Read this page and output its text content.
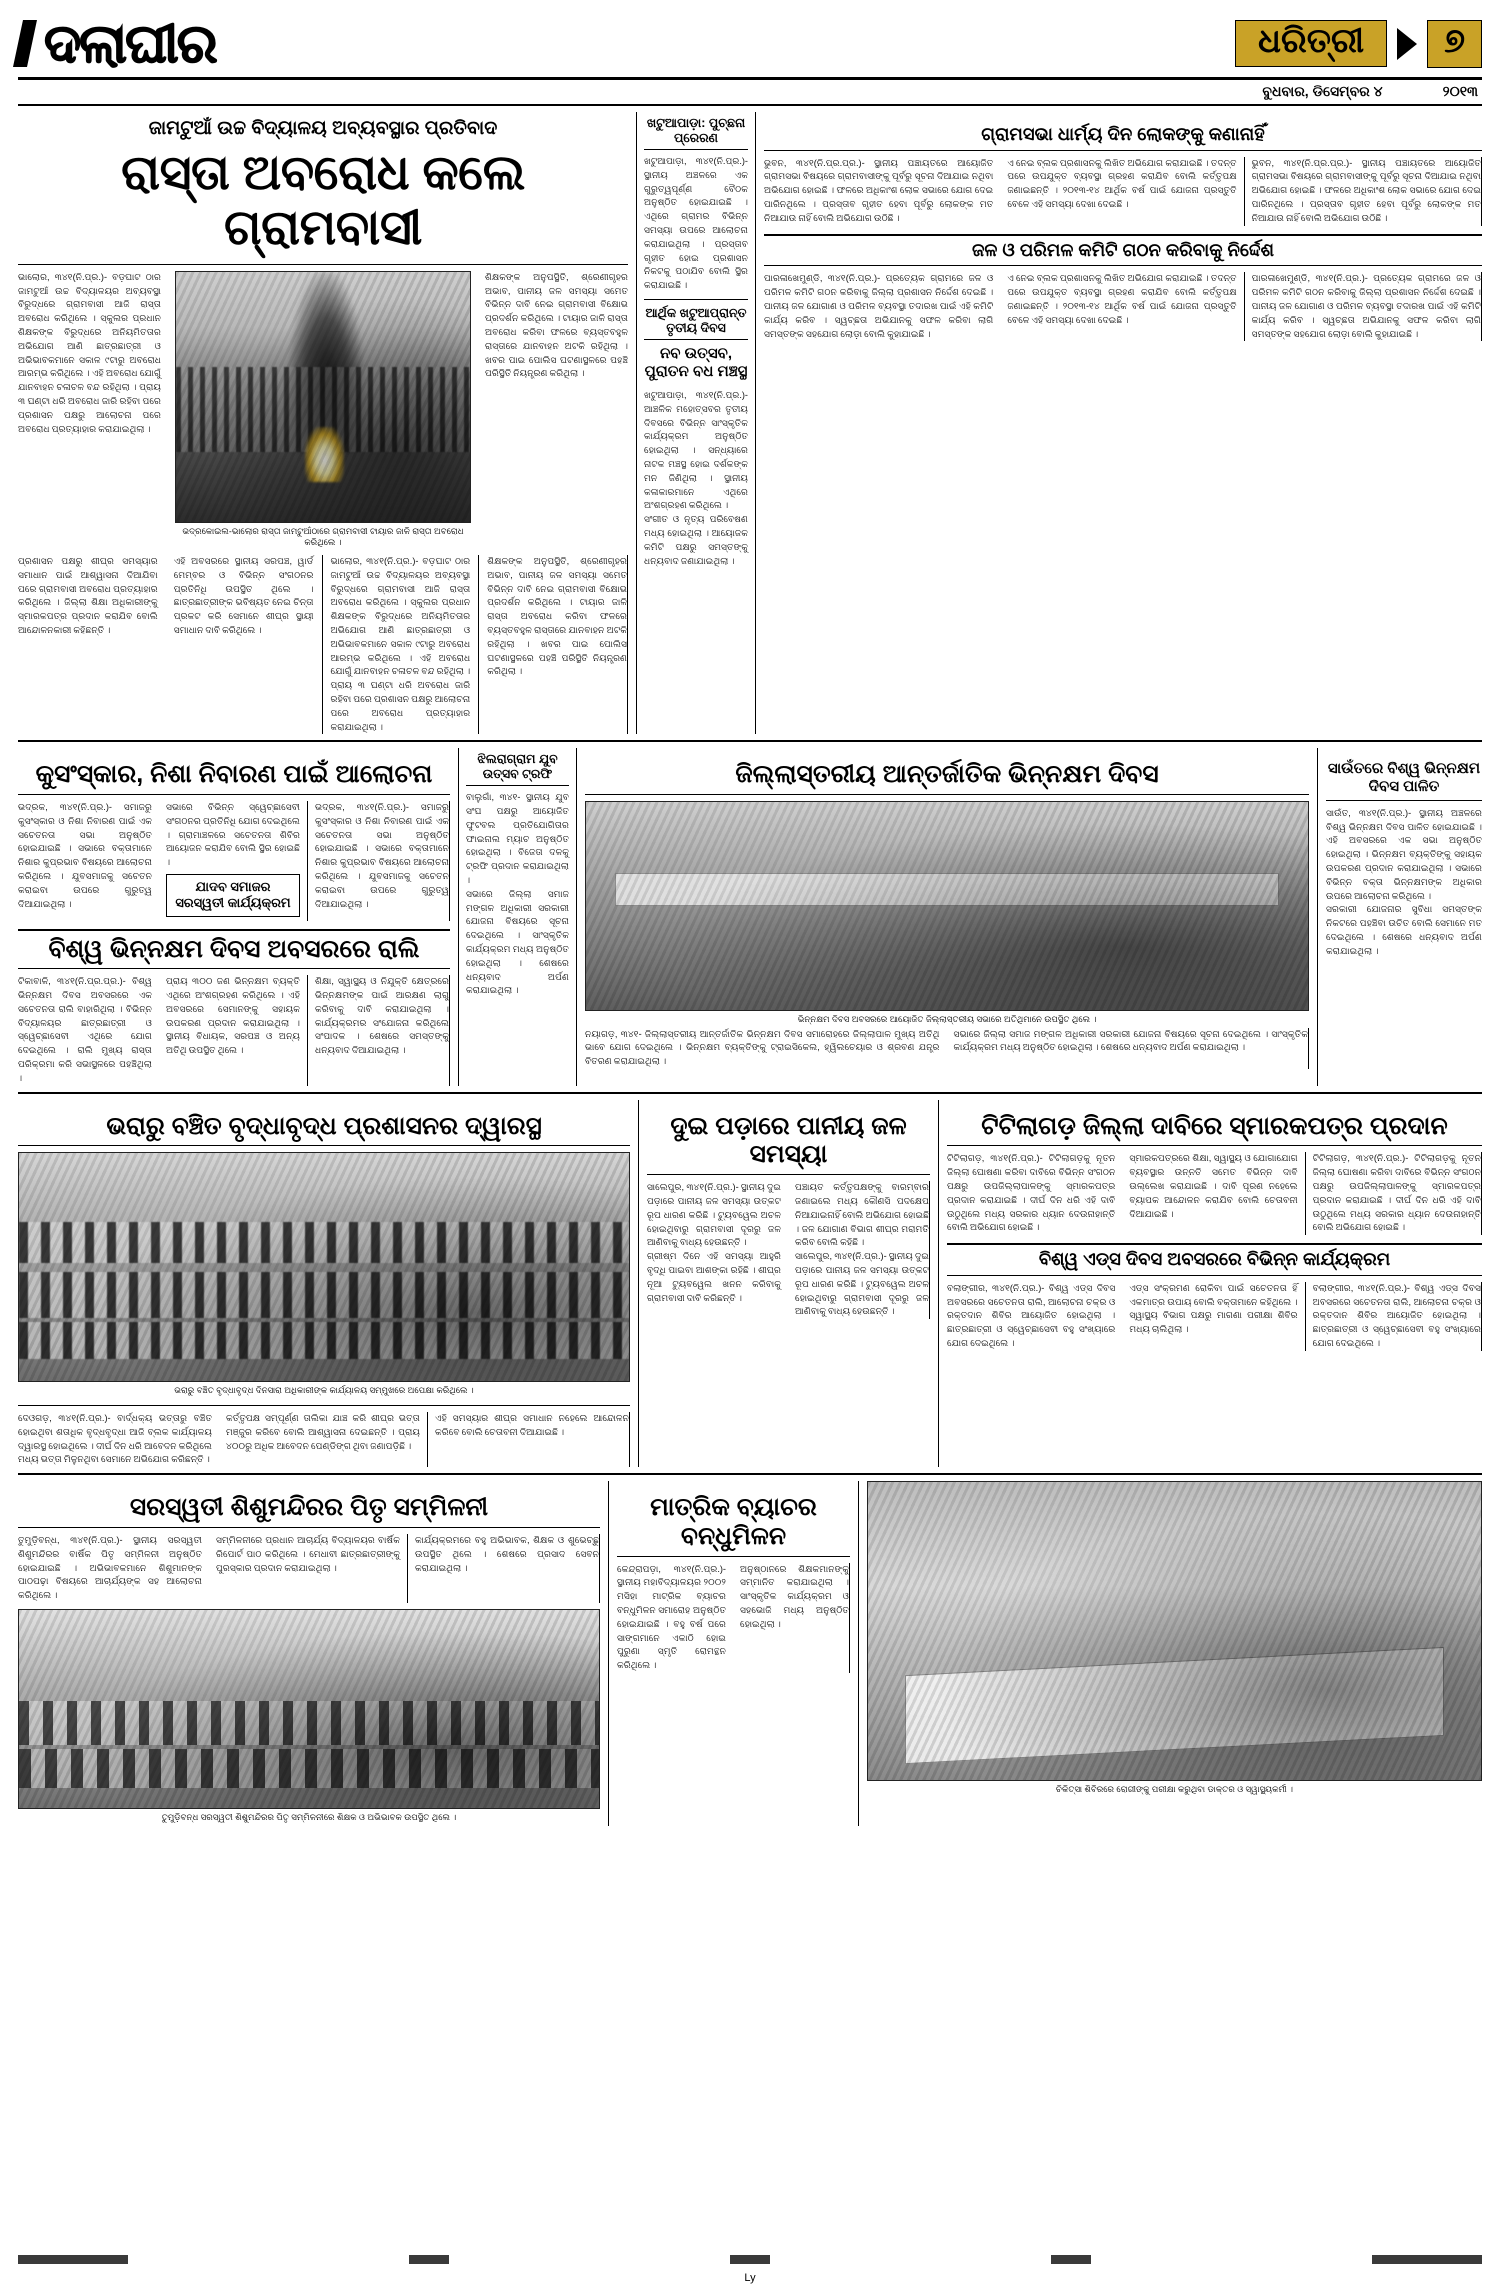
ଦଲାଘୀର	ଧରିତ୍ରୀ	୭
ବୁଧବାର, ଡିସେମ୍ବର ୪	୨୦୧୩
ଜାମଟୁଆଁ ଉଚ୍ଚ ବିଦ୍ୟାଳୟ ଅବ୍ୟବସ୍ଥାର ପ୍ରତିବାଦ
ରାସ୍ତା ଅବରୋଧ କଲେ ଗ୍ରାମବାସୀ
ଭାଲୋର, ୩୪୧(ନି.ପ୍ର.)- ବଡ଼ଘାଟ ଠାର ଜାମଟୁଆଁ ଉଚ୍ଚ ବିଦ୍ୟାଳୟର ଅବ୍ୟବସ୍ଥା ବିରୁଦ୍ଧରେ ଗ୍ରାମବାସୀ ଆଜି ରାସ୍ତା ଅବରୋଧ କରିଥିଲେ । ସ୍କୁଲର ପ୍ରଧାନ ଶିକ୍ଷକଙ୍କ ବିରୁଦ୍ଧରେ ଅନିୟମିତତାର ଅଭିଯୋଗ ଆଣି ଛାତ୍ରଛାତ୍ରୀ ଓ ଅଭିଭାବକମାନେ ସକାଳ ୯ଟାରୁ ଅବରୋଧ ଆରମ୍ଭ କରିଥିଲେ । ଏହି ଅବରୋଧ ଯୋଗୁଁ ଯାନବାହନ ଚଳାଚଳ ବନ୍ଦ ରହିଥିଲା । ପ୍ରାୟ ୩ ଘଣ୍ଟା ଧରି ଅବରୋଧ ଜାରି ରହିବା ପରେ ପ୍ରଶାସନ ପକ୍ଷରୁ ଆଲୋଚନା ପରେ ଅବରୋଧ ପ୍ରତ୍ୟାହାର କରାଯାଇଥିଲା ।
ଭଦ୍ରକୋଇଲ-ଭାଲୋର ରାସ୍ତା ଜାମଟୁଆଁଠାରେ ଗ୍ରାମବାସୀ ଟାୟାର ଜାଳି ରାସ୍ତା ଅବରୋଧ କରିଥିଲେ ।
ଶିକ୍ଷକଙ୍କ ଅନୁପସ୍ଥିତି, ଶ୍ରେଣୀଗୃହର ଅଭାବ, ପାନୀୟ ଜଳ ସମସ୍ୟା ସମେତ ବିଭିନ୍ନ ଦାବି ନେଇ ଗ୍ରାମବାସୀ ବିକ୍ଷୋଭ ପ୍ରଦର୍ଶନ କରିଥିଲେ । ଟାୟାର ଜାଳି ରାସ୍ତା ଅବରୋଧ କରିବା ଫଳରେ ବ୍ୟସ୍ତବହୁଳ ରାସ୍ତାରେ ଯାନବାହନ ଅଟକି ରହିଥିଲା । ଖବର ପାଇ ପୋଲିସ ଘଟଣାସ୍ଥଳରେ ପହଞ୍ଚି ପରିସ୍ଥିତି ନିୟନ୍ତ୍ରଣ କରିଥିଲା ।
ପ୍ରଶାସନ ପକ୍ଷରୁ ଶୀଘ୍ର ସମସ୍ୟାର ସମାଧାନ ପାଇଁ ଆଶ୍ୱାସନା ଦିଆଯିବା ପରେ ଗ୍ରାମବାସୀ ଅବରୋଧ ପ୍ରତ୍ୟାହାର କରିଥିଲେ । ଜିଲ୍ଲା ଶିକ୍ଷା ଅଧିକାରୀଙ୍କୁ ସ୍ମାରକପତ୍ର ପ୍ରଦାନ କରାଯିବ ବୋଲି ଆନ୍ଦୋଳନକାରୀ କହିଛନ୍ତି ।
ଏହି ଅବସରରେ ସ୍ଥାନୀୟ ସରପଞ୍ଚ, ୱାର୍ଡ ମେମ୍ବର ଓ ବିଭିନ୍ନ ସଂଗଠନର ପ୍ରତିନିଧି ଉପସ୍ଥିତ ଥିଲେ । ଛାତ୍ରଛାତ୍ରୀଙ୍କ ଭବିଷ୍ୟତ ନେଇ ଚିନ୍ତା ପ୍ରକଟ କରି ସେମାନେ ଶୀଘ୍ର ସ୍ଥାୟୀ ସମାଧାନ ଦାବି କରିଥିଲେ ।
ଭାଲୋର, ୩୪୧(ନି.ପ୍ର.)- ବଡ଼ଘାଟ ଠାର ଜାମଟୁଆଁ ଉଚ୍ଚ ବିଦ୍ୟାଳୟର ଅବ୍ୟବସ୍ଥା ବିରୁଦ୍ଧରେ ଗ୍ରାମବାସୀ ଆଜି ରାସ୍ତା ଅବରୋଧ କରିଥିଲେ । ସ୍କୁଲର ପ୍ରଧାନ ଶିକ୍ଷକଙ୍କ ବିରୁଦ୍ଧରେ ଅନିୟମିତତାର ଅଭିଯୋଗ ଆଣି ଛାତ୍ରଛାତ୍ରୀ ଓ ଅଭିଭାବକମାନେ ସକାଳ ୯ଟାରୁ ଅବରୋଧ ଆରମ୍ଭ କରିଥିଲେ । ଏହି ଅବରୋଧ ଯୋଗୁଁ ଯାନବାହନ ଚଳାଚଳ ବନ୍ଦ ରହିଥିଲା । ପ୍ରାୟ ୩ ଘଣ୍ଟା ଧରି ଅବରୋଧ ଜାରି ରହିବା ପରେ ପ୍ରଶାସନ ପକ୍ଷରୁ ଆଲୋଚନା ପରେ ଅବରୋଧ ପ୍ରତ୍ୟାହାର କରାଯାଇଥିଲା ।
ଶିକ୍ଷକଙ୍କ ଅନୁପସ୍ଥିତି, ଶ୍ରେଣୀଗୃହର ଅଭାବ, ପାନୀୟ ଜଳ ସମସ୍ୟା ସମେତ ବିଭିନ୍ନ ଦାବି ନେଇ ଗ୍ରାମବାସୀ ବିକ୍ଷୋଭ ପ୍ରଦର୍ଶନ କରିଥିଲେ । ଟାୟାର ଜାଳି ରାସ୍ତା ଅବରୋଧ କରିବା ଫଳରେ ବ୍ୟସ୍ତବହୁଳ ରାସ୍ତାରେ ଯାନବାହନ ଅଟକି ରହିଥିଲା । ଖବର ପାଇ ପୋଲିସ ଘଟଣାସ୍ଥଳରେ ପହଞ୍ଚି ପରିସ୍ଥିତି ନିୟନ୍ତ୍ରଣ କରିଥିଲା ।
ଖଟୁଆପାଡ଼ା: ପୁଚ୍ଛନା ପ୍ରେରଣ
ଖଟୁଆପାଡ଼ା, ୩୪୧(ନି.ପ୍ର.)- ସ୍ଥାନୀୟ ଅଞ୍ଚଳରେ ଏକ ଗୁରୁତ୍ୱପୂର୍ଣ୍ଣ ବୈଠକ ଅନୁଷ୍ଠିତ ହୋଇଯାଇଛି । ଏଥିରେ ଗ୍ରାମର ବିଭିନ୍ନ ସମସ୍ୟା ଉପରେ ଆଲୋଚନା କରାଯାଇଥିଲା । ପ୍ରସ୍ତାବ ଗୃହୀତ ହୋଇ ପ୍ରଶାସନ ନିକଟକୁ ପଠାଯିବ ବୋଲି ସ୍ଥିର କରାଯାଇଛି ।
ଆର୍ଥିକ ଖଟୁଆପ୍ରାନ୍ତ ତୃତୀୟ ଦିବସ
ନବ ଉତ୍ସବ, ପୁରାତନ ବଧ ମଞ୍ଚସ୍ଥ
ଖଟୁଆପାଡ଼ା, ୩୪୧(ନି.ପ୍ର.)- ଆଞ୍ଚଳିକ ମହୋତ୍ସବର ତୃତୀୟ ଦିବସରେ ବିଭିନ୍ନ ସାଂସ୍କୃତିକ କାର୍ଯ୍ୟକ୍ରମ ଅନୁଷ୍ଠିତ ହୋଇଥିଲା । ସନ୍ଧ୍ୟାରେ ନାଟକ ମଞ୍ଚସ୍ଥ ହୋଇ ଦର୍ଶକଙ୍କ ମନ ଜିଣିଥିଲା । ସ୍ଥାନୀୟ କଳାକାରମାନେ ଏଥିରେ ଅଂଶଗ୍ରହଣ କରିଥିଲେ ।
ସଂଗୀତ ଓ ନୃତ୍ୟ ପରିବେଷଣ ମଧ୍ୟ ହୋଇଥିଲା । ଆୟୋଜକ କମିଟି ପକ୍ଷରୁ ସମସ୍ତଙ୍କୁ ଧନ୍ୟବାଦ ଜଣାଯାଇଥିଲା ।
ଗ୍ରାମସଭା ଧାର୍ମ୍ୟ ଦିନ ଲୋକଙ୍କୁ କଣାନାହିଁ
ଭୁବନ, ୩୪୧(ନି.ପ୍ର.ପ୍ର.)- ସ୍ଥାନୀୟ ପଞ୍ଚାୟତରେ ଆୟୋଜିତ ଗ୍ରାମସଭା ବିଷୟରେ ଗ୍ରାମବାସୀଙ୍କୁ ପୂର୍ବରୁ ସୂଚନା ଦିଆଯାଇ ନଥିବା ଅଭିଯୋଗ ହୋଇଛି । ଫଳରେ ଅଧିକାଂଶ ଲୋକ ସଭାରେ ଯୋଗ ଦେଇ ପାରିନଥିଲେ । ପ୍ରସ୍ତାବ ଗୃହୀତ ହେବା ପୂର୍ବରୁ ଲୋକଙ୍କ ମତ ନିଆଯାଉ ନାହିଁ ବୋଲି ଅଭିଯୋଗ ଉଠିଛି ।
ଏ ନେଇ ବ୍ଲକ ପ୍ରଶାସନକୁ ଲିଖିତ ଅଭିଯୋଗ କରାଯାଇଛି । ତଦନ୍ତ ପରେ ଉପଯୁକ୍ତ ବ୍ୟବସ୍ଥା ଗ୍ରହଣ କରାଯିବ ବୋଲି କର୍ତ୍ତୃପକ୍ଷ ଜଣାଇଛନ୍ତି । ୨୦୧୩-୧୪ ଆର୍ଥିକ ବର୍ଷ ପାଇଁ ଯୋଜନା ପ୍ରସ୍ତୁତି ବେଳେ ଏହି ସମସ୍ୟା ଦେଖା ଦେଇଛି ।
ଭୁବନ, ୩୪୧(ନି.ପ୍ର.ପ୍ର.)- ସ୍ଥାନୀୟ ପଞ୍ଚାୟତରେ ଆୟୋଜିତ ଗ୍ରାମସଭା ବିଷୟରେ ଗ୍ରାମବାସୀଙ୍କୁ ପୂର୍ବରୁ ସୂଚନା ଦିଆଯାଇ ନଥିବା ଅଭିଯୋଗ ହୋଇଛି । ଫଳରେ ଅଧିକାଂଶ ଲୋକ ସଭାରେ ଯୋଗ ଦେଇ ପାରିନଥିଲେ । ପ୍ରସ୍ତାବ ଗୃହୀତ ହେବା ପୂର୍ବରୁ ଲୋକଙ୍କ ମତ ନିଆଯାଉ ନାହିଁ ବୋଲି ଅଭିଯୋଗ ଉଠିଛି ।
ଜଳ ଓ ପରିମଳ କମିଟି ଗଠନ କରିବାକୁ ନିର୍ଦ୍ଦେଶ
ପାରଳାଖେମୁଣ୍ଡି, ୩୪୧(ନି.ପ୍ର.)- ପ୍ରତ୍ୟେକ ଗ୍ରାମରେ ଜଳ ଓ ପରିମଳ କମିଟି ଗଠନ କରିବାକୁ ଜିଲ୍ଲା ପ୍ରଶାସନ ନିର୍ଦ୍ଦେଶ ଦେଇଛି । ପାନୀୟ ଜଳ ଯୋଗାଣ ଓ ପରିମଳ ବ୍ୟବସ୍ଥା ତଦାରଖ ପାଇଁ ଏହି କମିଟି କାର୍ଯ୍ୟ କରିବ । ସ୍ୱଚ୍ଛତା ଅଭିଯାନକୁ ସଫଳ କରିବା ଲାଗି ସମସ୍ତଙ୍କ ସହଯୋଗ ଲୋଡ଼ା ବୋଲି କୁହାଯାଇଛି ।
ଏ ନେଇ ବ୍ଲକ ପ୍ରଶାସନକୁ ଲିଖିତ ଅଭିଯୋଗ କରାଯାଇଛି । ତଦନ୍ତ ପରେ ଉପଯୁକ୍ତ ବ୍ୟବସ୍ଥା ଗ୍ରହଣ କରାଯିବ ବୋଲି କର୍ତ୍ତୃପକ୍ଷ ଜଣାଇଛନ୍ତି । ୨୦୧୩-୧୪ ଆର୍ଥିକ ବର୍ଷ ପାଇଁ ଯୋଜନା ପ୍ରସ୍ତୁତି ବେଳେ ଏହି ସମସ୍ୟା ଦେଖା ଦେଇଛି ।
ପାରଳାଖେମୁଣ୍ଡି, ୩୪୧(ନି.ପ୍ର.)- ପ୍ରତ୍ୟେକ ଗ୍ରାମରେ ଜଳ ଓ ପରିମଳ କମିଟି ଗଠନ କରିବାକୁ ଜିଲ୍ଲା ପ୍ରଶାସନ ନିର୍ଦ୍ଦେଶ ଦେଇଛି । ପାନୀୟ ଜଳ ଯୋଗାଣ ଓ ପରିମଳ ବ୍ୟବସ୍ଥା ତଦାରଖ ପାଇଁ ଏହି କମିଟି କାର୍ଯ୍ୟ କରିବ । ସ୍ୱଚ୍ଛତା ଅଭିଯାନକୁ ସଫଳ କରିବା ଲାଗି ସମସ୍ତଙ୍କ ସହଯୋଗ ଲୋଡ଼ା ବୋଲି କୁହାଯାଇଛି ।
କୁସଂସ୍କାର, ନିଶା ନିବାରଣ ପାଇଁ ଆଲୋଚନା
ଭଦ୍ରକ, ୩୪୧(ନି.ପ୍ର.)- ସମାଜରୁ କୁସଂସ୍କାର ଓ ନିଶା ନିବାରଣ ପାଇଁ ଏକ ସଚେତନତା ସଭା ଅନୁଷ୍ଠିତ ହୋଇଯାଇଛି । ସଭାରେ ବକ୍ତାମାନେ ନିଶାର କୁପ୍ରଭାବ ବିଷୟରେ ଆଲୋଚନା କରିଥିଲେ । ଯୁବସମାଜକୁ ସଚେତନ କରାଇବା ଉପରେ ଗୁରୁତ୍ୱ ଦିଆଯାଇଥିଲା ।
ସଭାରେ ବିଭିନ୍ନ ସ୍ୱେଚ୍ଛାସେବୀ ସଂଗଠନର ପ୍ରତିନିଧି ଯୋଗ ଦେଇଥିଲେ । ଗ୍ରାମାଞ୍ଚଳରେ ସଚେତନତା ଶିବିର ଆୟୋଜନ କରାଯିବ ବୋଲି ସ୍ଥିର ହୋଇଛି ।
ଯାଦବ ସମାଜର ସରସ୍ୱତୀ କାର୍ଯ୍ୟକ୍ରମ
ଭଦ୍ରକ, ୩୪୧(ନି.ପ୍ର.)- ସମାଜରୁ କୁସଂସ୍କାର ଓ ନିଶା ନିବାରଣ ପାଇଁ ଏକ ସଚେତନତା ସଭା ଅନୁଷ୍ଠିତ ହୋଇଯାଇଛି । ସଭାରେ ବକ୍ତାମାନେ ନିଶାର କୁପ୍ରଭାବ ବିଷୟରେ ଆଲୋଚନା କରିଥିଲେ । ଯୁବସମାଜକୁ ସଚେତନ କରାଇବା ଉପରେ ଗୁରୁତ୍ୱ ଦିଆଯାଇଥିଲା ।
ବିଶ୍ୱ ଭିନ୍ନକ୍ଷମ ଦିବସ ଅବସରରେ ରାଲି
ଟିକାବାଳି, ୩୪୧(ନି.ପ୍ର.ପ୍ର.)- ବିଶ୍ୱ ଭିନ୍ନକ୍ଷମ ଦିବସ ଅବସରରେ ଏକ ସଚେତନତା ରାଲି ବାହାରିଥିଲା । ବିଭିନ୍ନ ବିଦ୍ୟାଳୟର ଛାତ୍ରଛାତ୍ରୀ ଓ ସ୍ୱେଚ୍ଛାସେବୀ ଏଥିରେ ଯୋଗ ଦେଇଥିଲେ । ରାଲି ମୁଖ୍ୟ ରାସ୍ତା ପରିକ୍ରମା କରି ସଭାସ୍ଥଳରେ ପହଞ୍ଚିଥିଲା ।
ପ୍ରାୟ ୩୦୦ ଜଣ ଭିନ୍ନକ୍ଷମ ବ୍ୟକ୍ତି ଏଥିରେ ଅଂଶଗ୍ରହଣ କରିଥିଲେ । ଏହି ଅବସରରେ ସେମାନଙ୍କୁ ସହାୟକ ଉପକରଣ ପ୍ରଦାନ କରାଯାଇଥିଲା । ସ୍ଥାନୀୟ ବିଧାୟକ, ସରପଞ୍ଚ ଓ ଅନ୍ୟ ଅତିଥି ଉପସ୍ଥିତ ଥିଲେ ।
ଶିକ୍ଷା, ସ୍ୱାସ୍ଥ୍ୟ ଓ ନିଯୁକ୍ତି କ୍ଷେତ୍ରରେ ଭିନ୍ନକ୍ଷମଙ୍କ ପାଇଁ ଆରକ୍ଷଣ ଲାଗୁ କରିବାକୁ ଦାବି କରାଯାଇଥିଲା । କାର୍ଯ୍ୟକ୍ରମର ସଂଯୋଜନା କରିଥିଲେ ସଂପାଦକ । ଶେଷରେ ସମସ୍ତଙ୍କୁ ଧନ୍ୟବାଦ ଦିଆଯାଇଥିଲା ।
ଝିଲରାଗ୍ରାମ ଯୁବ ଉତ୍ସବ ଟ୍ରଫି
ବାଲୁଗାଁ, ୩୪୧- ସ୍ଥାନୀୟ ଯୁବ ସଂଘ ପକ୍ଷରୁ ଆୟୋଜିତ ଫୁଟବଲ ପ୍ରତିଯୋଗିତାର ଫାଇନାଲ ମ୍ୟାଚ ଅନୁଷ୍ଠିତ ହୋଇଥିଲା । ବିଜେତା ଦଳକୁ ଟ୍ରଫି ପ୍ରଦାନ କରାଯାଇଥିଲା ।
ସଭାରେ ଜିଲ୍ଲା ସମାଜ ମଙ୍ଗଳ ଅଧିକାରୀ ସରକାରୀ ଯୋଜନା ବିଷୟରେ ସୂଚନା ଦେଇଥିଲେ । ସାଂସ୍କୃତିକ କାର୍ଯ୍ୟକ୍ରମ ମଧ୍ୟ ଅନୁଷ୍ଠିତ ହୋଇଥିଲା । ଶେଷରେ ଧନ୍ୟବାଦ ଅର୍ପଣ କରାଯାଇଥିଲା ।
ଜିଲ୍ଲାସ୍ତରୀୟ ଆନ୍ତର୍ଜାତିକ ଭିନ୍ନକ୍ଷମ ଦିବସ
ଭିନ୍ନକ୍ଷମ ଦିବସ ଅବସରରେ ଆୟୋଜିତ ଜିଲ୍ଲାସ୍ତରୀୟ ସଭାରେ ଅତିଥିମାନେ ଉପସ୍ଥିତ ଥିଲେ ।
ନୟାଗଡ଼, ୩୪୧- ଜିଲ୍ଲାସ୍ତରୀୟ ଆନ୍ତର୍ଜାତିକ ଭିନ୍ନକ୍ଷମ ଦିବସ ସମାରୋହରେ ଜିଲ୍ଲାପାଳ ମୁଖ୍ୟ ଅତିଥି ଭାବେ ଯୋଗ ଦେଇଥିଲେ । ଭିନ୍ନକ୍ଷମ ବ୍ୟକ୍ତିଙ୍କୁ ଟ୍ରାଇସିକେଲ, ହ୍ୱିଲଚେୟାର ଓ ଶ୍ରବଣ ଯନ୍ତ୍ର ବିତରଣ କରାଯାଇଥିଲା ।
ସଭାରେ ଜିଲ୍ଲା ସମାଜ ମଙ୍ଗଳ ଅଧିକାରୀ ସରକାରୀ ଯୋଜନା ବିଷୟରେ ସୂଚନା ଦେଇଥିଲେ । ସାଂସ୍କୃତିକ କାର୍ଯ୍ୟକ୍ରମ ମଧ୍ୟ ଅନୁଷ୍ଠିତ ହୋଇଥିଲା । ଶେଷରେ ଧନ୍ୟବାଦ ଅର୍ପଣ କରାଯାଇଥିଲା ।
ସାଉଁତରେ ବିଶ୍ୱ ଭିନ୍ନକ୍ଷମ ଦିବସ ପାଳିତ
ସାଉଁତ, ୩୪୧(ନି.ପ୍ର.)- ସ୍ଥାନୀୟ ଅଞ୍ଚଳରେ ବିଶ୍ୱ ଭିନ୍ନକ୍ଷମ ଦିବସ ପାଳିତ ହୋଇଯାଇଛି । ଏହି ଅବସରରେ ଏକ ସଭା ଅନୁଷ୍ଠିତ ହୋଇଥିଲା । ଭିନ୍ନକ୍ଷମ ବ୍ୟକ୍ତିଙ୍କୁ ସହାୟକ ଉପକରଣ ପ୍ରଦାନ କରାଯାଇଥିଲା । ସଭାରେ ବିଭିନ୍ନ ବକ୍ତା ଭିନ୍ନକ୍ଷମଙ୍କ ଅଧିକାର ଉପରେ ଆଲୋଚନା କରିଥିଲେ ।
ସରକାରୀ ଯୋଜନାର ସୁବିଧା ସମସ୍ତଙ୍କ ନିକଟରେ ପହଞ୍ଚିବା ଉଚିତ ବୋଲି ସେମାନେ ମତ ଦେଇଥିଲେ । ଶେଷରେ ଧନ୍ୟବାଦ ଅର୍ପଣ କରାଯାଇଥିଲା ।
ଭରାରୁ ବଞ୍ଚିତ ବୃଦ୍ଧାବୃଦ୍ଧ ପ୍ରଶାସନର ଦ୍ୱାରସ୍ଥ
ଭରାରୁ ବଞ୍ଚିତ ବୃଦ୍ଧାବୃଦ୍ଧ ଦିନସାରା ଅଧିକାରୀଙ୍କ କାର୍ଯ୍ୟାଳୟ ସମ୍ମୁଖରେ ଅପେକ୍ଷା କରିଥିଲେ ।
ଦେଓଗଡ଼, ୩୪୧(ନି.ପ୍ର.)- ବାର୍ଦ୍ଧକ୍ୟ ଭତ୍ତାରୁ ବଞ୍ଚିତ ହୋଇଥିବା ଶତାଧିକ ବୃଦ୍ଧବୃଦ୍ଧା ଆଜି ବ୍ଲକ କାର୍ଯ୍ୟାଳୟ ଦ୍ୱାରସ୍ଥ ହୋଇଥିଲେ । ଦୀର୍ଘ ଦିନ ଧରି ଆବେଦନ କରିଥିଲେ ମଧ୍ୟ ଭତ୍ତା ମିଳୁନଥିବା ସେମାନେ ଅଭିଯୋଗ କରିଛନ୍ତି ।
କର୍ତ୍ତୃପକ୍ଷ ସମ୍ପୂର୍ଣ୍ଣ ତାଲିକା ଯାଞ୍ଚ କରି ଶୀଘ୍ର ଭତ୍ତା ମଞ୍ଜୁର କରିବେ ବୋଲି ଆଶ୍ୱାସନା ଦେଇଛନ୍ତି । ପ୍ରାୟ ୪୦୦ରୁ ଅଧିକ ଆବେଦନ ପେଣ୍ଡିଙ୍ଗ ଥିବା ଜଣାପଡ଼ିଛି ।
ଏହି ସମସ୍ୟାର ଶୀଘ୍ର ସମାଧାନ ନହେଲେ ଆନ୍ଦୋଳନ କରିବେ ବୋଲି ଚେତାବନୀ ଦିଆଯାଇଛି ।
ଦୁଇ ପଡ଼ାରେ ପାନୀୟ ଜଳ ସମସ୍ୟା
ସାଲେପୁର, ୩୪୧(ନି.ପ୍ର.)- ସ୍ଥାନୀୟ ଦୁଇ ପଡ଼ାରେ ପାନୀୟ ଜଳ ସମସ୍ୟା ଉତ୍କଟ ରୂପ ଧାରଣ କରିଛି । ଟ୍ୟୁବୱେଲ ଅଚଳ ହୋଇଥିବାରୁ ଗ୍ରାମବାସୀ ଦୂରରୁ ଜଳ ଆଣିବାକୁ ବାଧ୍ୟ ହେଉଛନ୍ତି ।
ଗ୍ରୀଷ୍ମ ଦିନେ ଏହି ସମସ୍ୟା ଆହୁରି ବୃଦ୍ଧି ପାଇବା ଆଶଙ୍କା ରହିଛି । ଶୀଘ୍ର ନୂଆ ଟ୍ୟୁବୱେଲ ଖନନ କରିବାକୁ ଗ୍ରାମବାସୀ ଦାବି କରିଛନ୍ତି ।
ପଞ୍ଚାୟତ କର୍ତ୍ତୃପକ୍ଷଙ୍କୁ ବାରମ୍ବାର ଜଣାଇଲେ ମଧ୍ୟ କୌଣସି ପଦକ୍ଷେପ ନିଆଯାଇନାହିଁ ବୋଲି ଅଭିଯୋଗ ହୋଇଛି । ଜଳ ଯୋଗାଣ ବିଭାଗ ଶୀଘ୍ର ମରାମତି କରିବ ବୋଲି କହିଛି ।
ସାଲେପୁର, ୩୪୧(ନି.ପ୍ର.)- ସ୍ଥାନୀୟ ଦୁଇ ପଡ଼ାରେ ପାନୀୟ ଜଳ ସମସ୍ୟା ଉତ୍କଟ ରୂପ ଧାରଣ କରିଛି । ଟ୍ୟୁବୱେଲ ଅଚଳ ହୋଇଥିବାରୁ ଗ୍ରାମବାସୀ ଦୂରରୁ ଜଳ ଆଣିବାକୁ ବାଧ୍ୟ ହେଉଛନ୍ତି ।
ଟିଟିଲାଗଡ଼ ଜିଲ୍ଲା ଦାବିରେ ସ୍ମାରକପତ୍ର ପ୍ରଦାନ
ଟିଟିଲାଗଡ଼, ୩୪୧(ନି.ପ୍ର.)- ଟିଟିଲାଗଡ଼କୁ ନୂତନ ଜିଲ୍ଲା ଘୋଷଣା କରିବା ଦାବିରେ ବିଭିନ୍ନ ସଂଗଠନ ପକ୍ଷରୁ ଉପଜିଲ୍ଲାପାଳଙ୍କୁ ସ୍ମାରକପତ୍ର ପ୍ରଦାନ କରାଯାଇଛି । ଦୀର୍ଘ ଦିନ ଧରି ଏହି ଦାବି ଉଠୁଥିଲେ ମଧ୍ୟ ସରକାର ଧ୍ୟାନ ଦେଉନାହାନ୍ତି ବୋଲି ଅଭିଯୋଗ ହୋଇଛି ।
ସ୍ମାରକପତ୍ରରେ ଶିକ୍ଷା, ସ୍ୱାସ୍ଥ୍ୟ ଓ ଯୋଗାଯୋଗ ବ୍ୟବସ୍ଥାର ଉନ୍ନତି ସମେତ ବିଭିନ୍ନ ଦାବି ଉଲ୍ଲେଖ କରାଯାଇଛି । ଦାବି ପୂରଣ ନହେଲେ ବ୍ୟାପକ ଆନ୍ଦୋଳନ କରାଯିବ ବୋଲି ଚେତାବନୀ ଦିଆଯାଇଛି ।
ଟିଟିଲାଗଡ଼, ୩୪୧(ନି.ପ୍ର.)- ଟିଟିଲାଗଡ଼କୁ ନୂତନ ଜିଲ୍ଲା ଘୋଷଣା କରିବା ଦାବିରେ ବିଭିନ୍ନ ସଂଗଠନ ପକ୍ଷରୁ ଉପଜିଲ୍ଲାପାଳଙ୍କୁ ସ୍ମାରକପତ୍ର ପ୍ରଦାନ କରାଯାଇଛି । ଦୀର୍ଘ ଦିନ ଧରି ଏହି ଦାବି ଉଠୁଥିଲେ ମଧ୍ୟ ସରକାର ଧ୍ୟାନ ଦେଉନାହାନ୍ତି ବୋଲି ଅଭିଯୋଗ ହୋଇଛି ।
ବିଶ୍ୱ ଏଡ୍ସ ଦିବସ ଅବସରରେ ବିଭିନ୍ନ କାର୍ଯ୍ୟକ୍ରମ
ବଲାଙ୍ଗୀର, ୩୪୧(ନି.ପ୍ର.)- ବିଶ୍ୱ ଏଡ୍ସ ଦିବସ ଅବସରରେ ସଚେତନତା ରାଲି, ଆଲୋଚନା ଚକ୍ର ଓ ରକ୍ତଦାନ ଶିବିର ଆୟୋଜିତ ହୋଇଥିଲା । ଛାତ୍ରଛାତ୍ରୀ ଓ ସ୍ୱେଚ୍ଛାସେବୀ ବହୁ ସଂଖ୍ୟାରେ ଯୋଗ ଦେଇଥିଲେ ।
ଏଡ୍ସ ସଂକ୍ରମଣ ରୋକିବା ପାଇଁ ସଚେତନତା ହିଁ ଏକମାତ୍ର ଉପାୟ ବୋଲି ବକ୍ତାମାନେ କହିଥିଲେ । ସ୍ୱାସ୍ଥ୍ୟ ବିଭାଗ ପକ୍ଷରୁ ମାଗଣା ପରୀକ୍ଷା ଶିବିର ମଧ୍ୟ ଚାଲିଥିଲା ।
ବଲାଙ୍ଗୀର, ୩୪୧(ନି.ପ୍ର.)- ବିଶ୍ୱ ଏଡ୍ସ ଦିବସ ଅବସରରେ ସଚେତନତା ରାଲି, ଆଲୋଚନା ଚକ୍ର ଓ ରକ୍ତଦାନ ଶିବିର ଆୟୋଜିତ ହୋଇଥିଲା । ଛାତ୍ରଛାତ୍ରୀ ଓ ସ୍ୱେଚ୍ଛାସେବୀ ବହୁ ସଂଖ୍ୟାରେ ଯୋଗ ଦେଇଥିଲେ ।
ସରସ୍ୱତୀ ଶିଶୁମନ୍ଦିରର ପିତୃ ସମ୍ମିଳନୀ
ତୁମୁଡ଼ିବନ୍ଧ, ୩୪୧(ନି.ପ୍ର.)- ସ୍ଥାନୀୟ ସରସ୍ୱତୀ ଶିଶୁମନ୍ଦିରର ବାର୍ଷିକ ପିତୃ ସମ୍ମିଳନୀ ଅନୁଷ୍ଠିତ ହୋଇଯାଇଛି । ଅଭିଭାବକମାନେ ଶିଶୁମାନଙ୍କ ପାଠପଢ଼ା ବିଷୟରେ ଆଚାର୍ଯ୍ୟଙ୍କ ସହ ଆଲୋଚନା କରିଥିଲେ ।
ସମ୍ମିଳନୀରେ ପ୍ରଧାନ ଆଚାର୍ଯ୍ୟ ବିଦ୍ୟାଳୟର ବାର୍ଷିକ ରିପୋର୍ଟ ପାଠ କରିଥିଲେ । ମେଧାବୀ ଛାତ୍ରଛାତ୍ରୀଙ୍କୁ ପୁରସ୍କାର ପ୍ରଦାନ କରାଯାଇଥିଲା ।
କାର୍ଯ୍ୟକ୍ରମରେ ବହୁ ଅଭିଭାବକ, ଶିକ୍ଷକ ଓ ଶୁଭେଚ୍ଛୁ ଉପସ୍ଥିତ ଥିଲେ । ଶେଷରେ ପ୍ରସାଦ ସେବନ କରାଯାଇଥିଲା ।
ତୁମୁଡ଼ିବନ୍ଧ ସରସ୍ୱତୀ ଶିଶୁମନ୍ଦିରର ପିତୃ ସମ୍ମିଳନୀରେ ଶିକ୍ଷକ ଓ ଅଭିଭାବକ ଉପସ୍ଥିତ ଥିଲେ ।
ମାତ୍ରିକ ବ୍ୟାଚର ବନ୍ଧୁମିଳନ
କେନ୍ଦ୍ରାପଡ଼ା, ୩୪୧(ନି.ପ୍ର.)- ସ୍ଥାନୀୟ ମହାବିଦ୍ୟାଳୟର ୨୦୦୨ ମସିହା ମାଟ୍ରିକ ବ୍ୟାଚର ବନ୍ଧୁମିଳନ ସମାରୋହ ଅନୁଷ୍ଠିତ ହୋଇଯାଇଛି । ବହୁ ବର୍ଷ ପରେ ସାଙ୍ଗମାନେ ଏକାଠି ହୋଇ ପୁରୁଣା ସ୍ମୃତି ରୋମନ୍ଥନ କରିଥିଲେ ।
ଅନୁଷ୍ଠାନରେ ଶିକ୍ଷକମାନଙ୍କୁ ସମ୍ମାନିତ କରାଯାଇଥିଲା । ସାଂସ୍କୃତିକ କାର୍ଯ୍ୟକ୍ରମ ଓ ସହଭୋଜି ମଧ୍ୟ ଅନୁଷ୍ଠିତ ହୋଇଥିଲା ।
ଚିକିତ୍ସା ଶିବିରରେ ରୋଗୀଙ୍କୁ ପରୀକ୍ଷା କରୁଥିବା ଡାକ୍ତର ଓ ସ୍ୱାସ୍ଥ୍ୟକର୍ମୀ ।
Ly
